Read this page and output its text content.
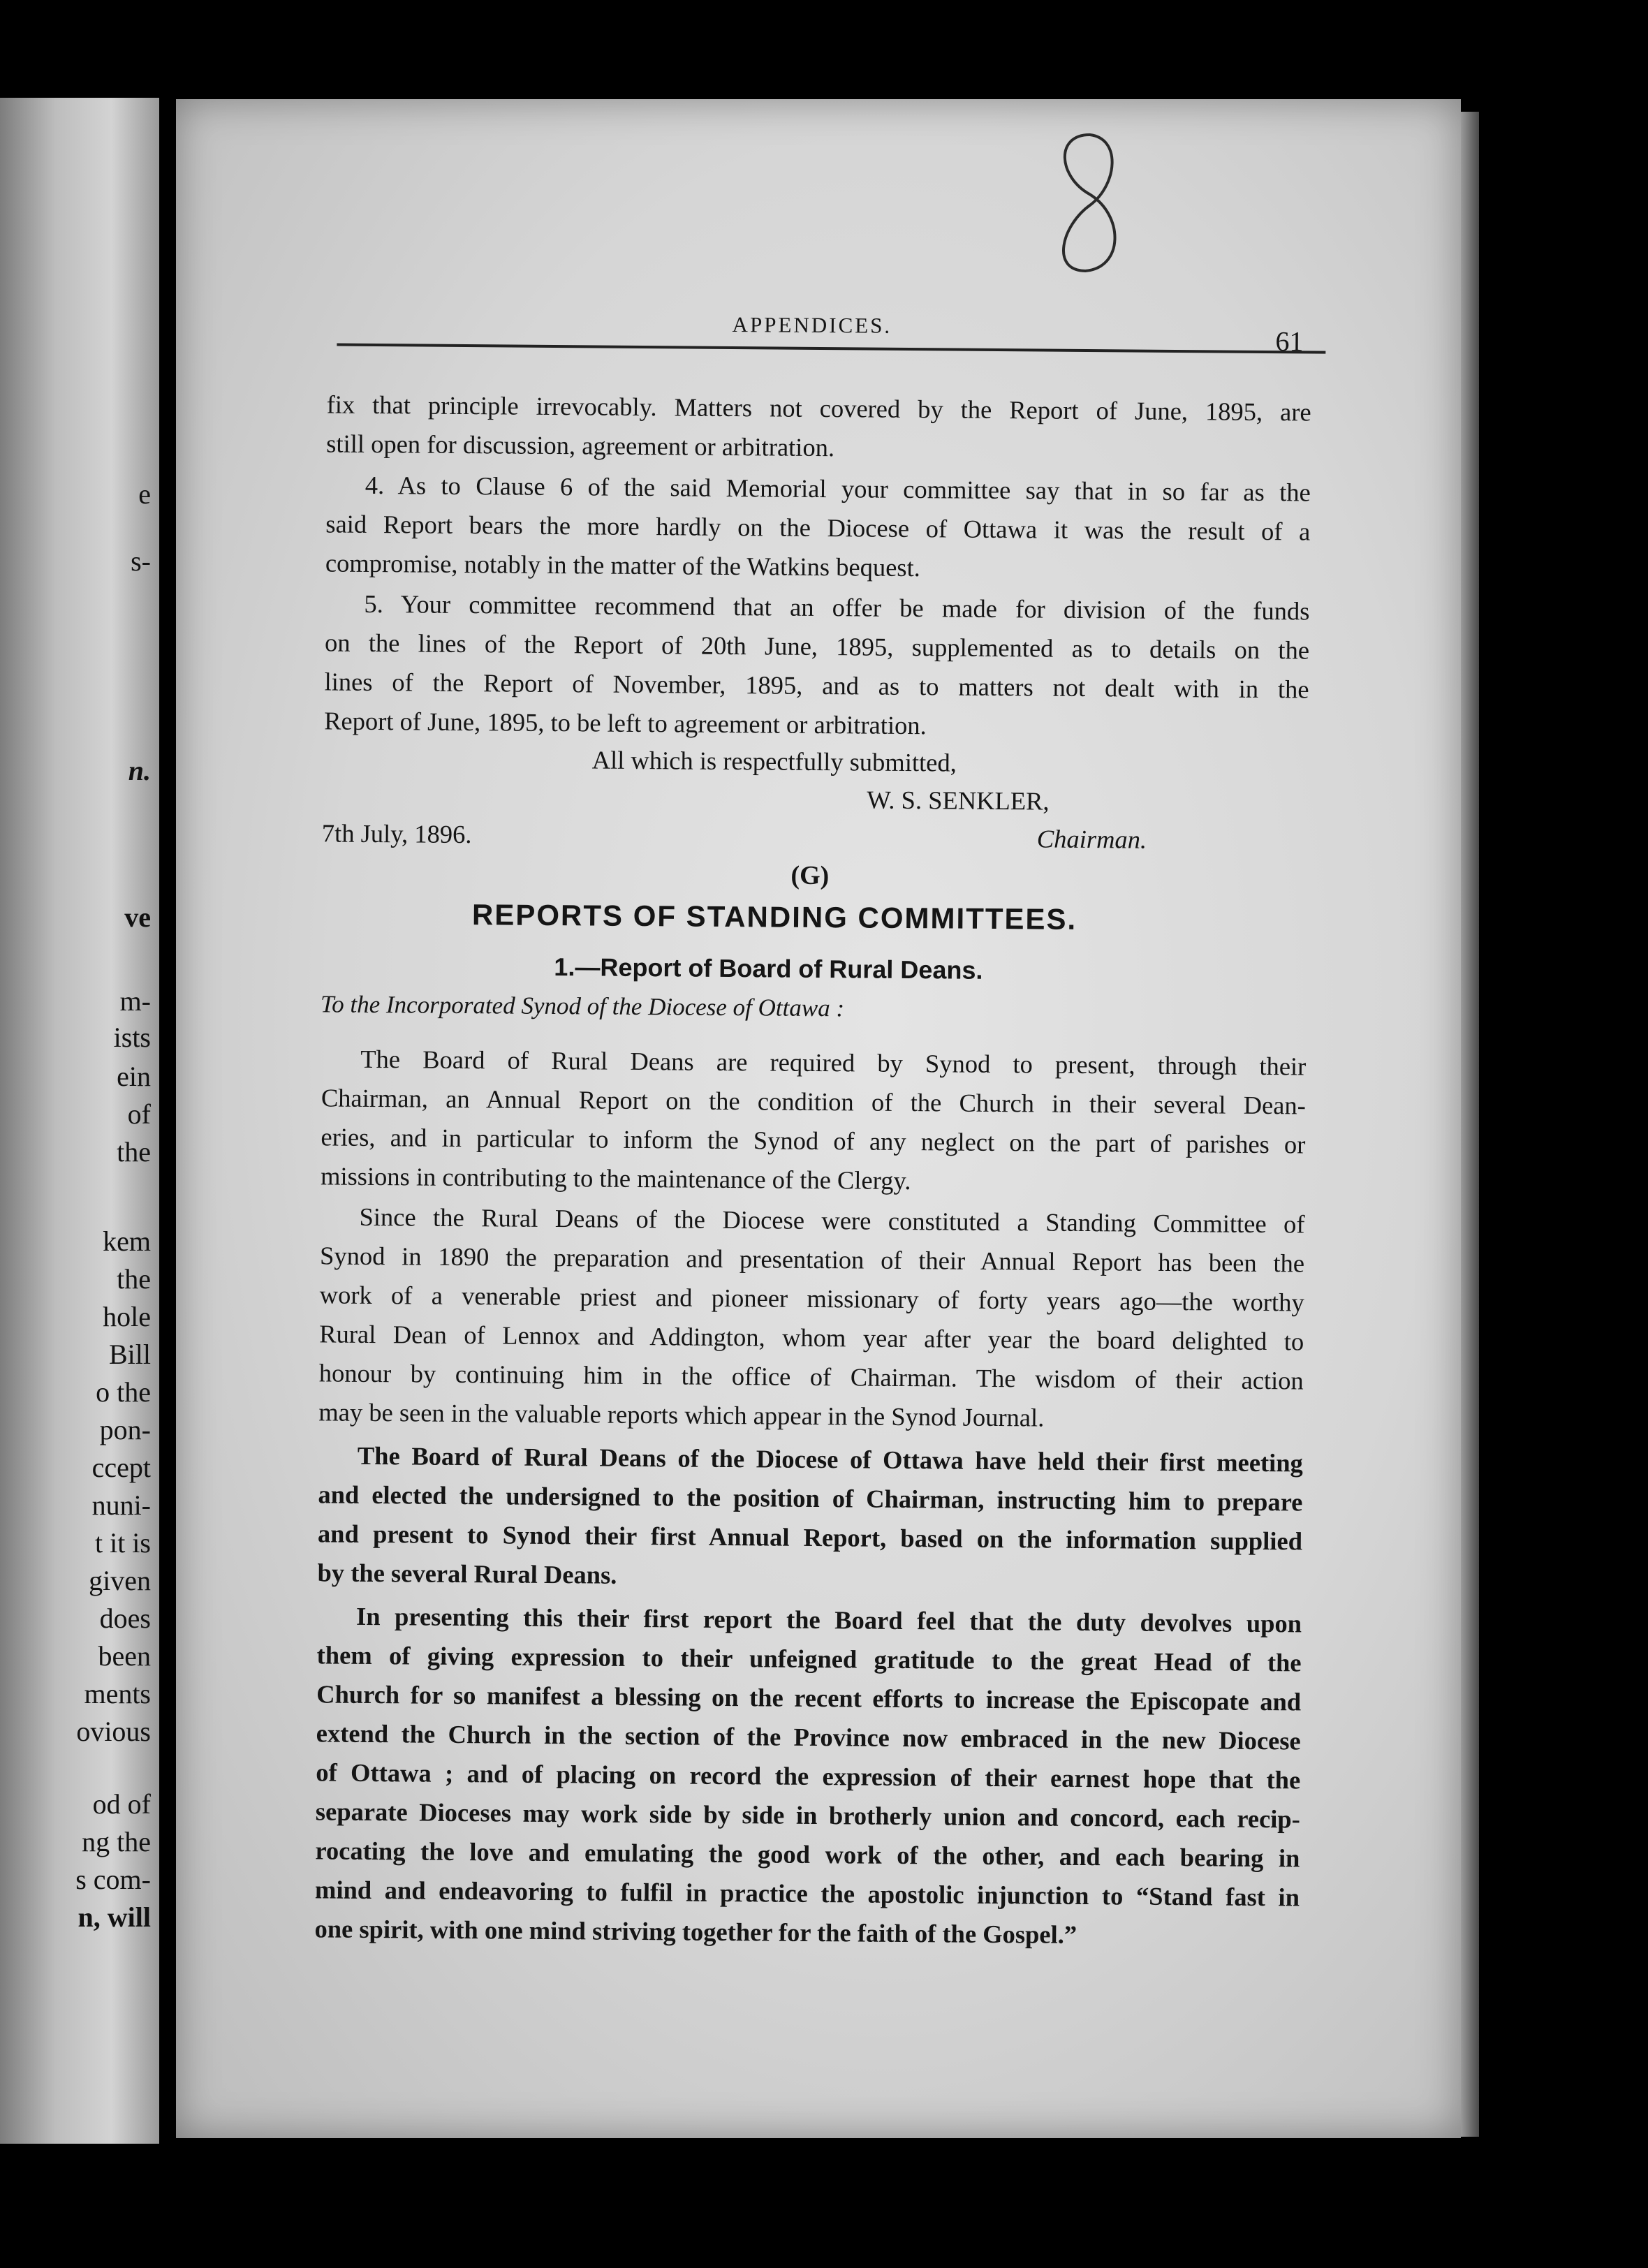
e
s-
n.
ve
m-
ists
ein
of
the
kem
the
hole
Bill
o the
pon-
ccept
nuni-
t it is
given
does
been
ments
ovious
od of
ng the
s com-
n, will
APPENDICES.
61
fix that principle irrevocably. Matters not covered by the Report of June, 1895, are
still open for discussion, agreement or arbitration.
4. As to Clause 6 of the said Memorial your committee say that in so far as the
said Report bears the more hardly on the Diocese of Ottawa it was the result of a
compromise, notably in the matter of the Watkins bequest.
5. Your committee recommend that an offer be made for division of the funds
on the lines of the Report of 20th June, 1895, supplemented as to details on the
lines of the Report of November, 1895, and as to matters not dealt with in the
Report of June, 1895, to be left to agreement or arbitration.
All which is respectfully submitted,
W. S. SENKLER,
7th July, 1896.	Chairman.
(G)
REPORTS OF STANDING COMMITTEES.
1.—Report of Board of Rural Deans.
To the Incorporated Synod of the Diocese of Ottawa :
The Board of Rural Deans are required by Synod to present, through their
Chairman, an Annual Report on the condition of the Church in their several Dean-
eries, and in particular to inform the Synod of any neglect on the part of parishes or
missions in contributing to the maintenance of the Clergy.
Since the Rural Deans of the Diocese were constituted a Standing Committee of
Synod in 1890 the preparation and presentation of their Annual Report has been the
work of a venerable priest and pioneer missionary of forty years ago—the worthy
Rural Dean of Lennox and Addington, whom year after year the board delighted to
honour by continuing him in the office of Chairman. The wisdom of their action
may be seen in the valuable reports which appear in the Synod Journal.
The Board of Rural Deans of the Diocese of Ottawa have held their first meeting
and elected the undersigned to the position of Chairman, instructing him to prepare
and present to Synod their first Annual Report, based on the information supplied
by the several Rural Deans.
In presenting this their first report the Board feel that the duty devolves upon
them of giving expression to their unfeigned gratitude to the great Head of the
Church for so manifest a blessing on the recent efforts to increase the Episcopate and
extend the Church in the section of the Province now embraced in the new Diocese
of Ottawa ; and of placing on record the expression of their earnest hope that the
separate Dioceses may work side by side in brotherly union and concord, each recip-
rocating the love and emulating the good work of the other, and each bearing in
mind and endeavoring to fulfil in practice the apostolic injunction to “Stand fast in
one spirit, with one mind striving together for the faith of the Gospel.”
